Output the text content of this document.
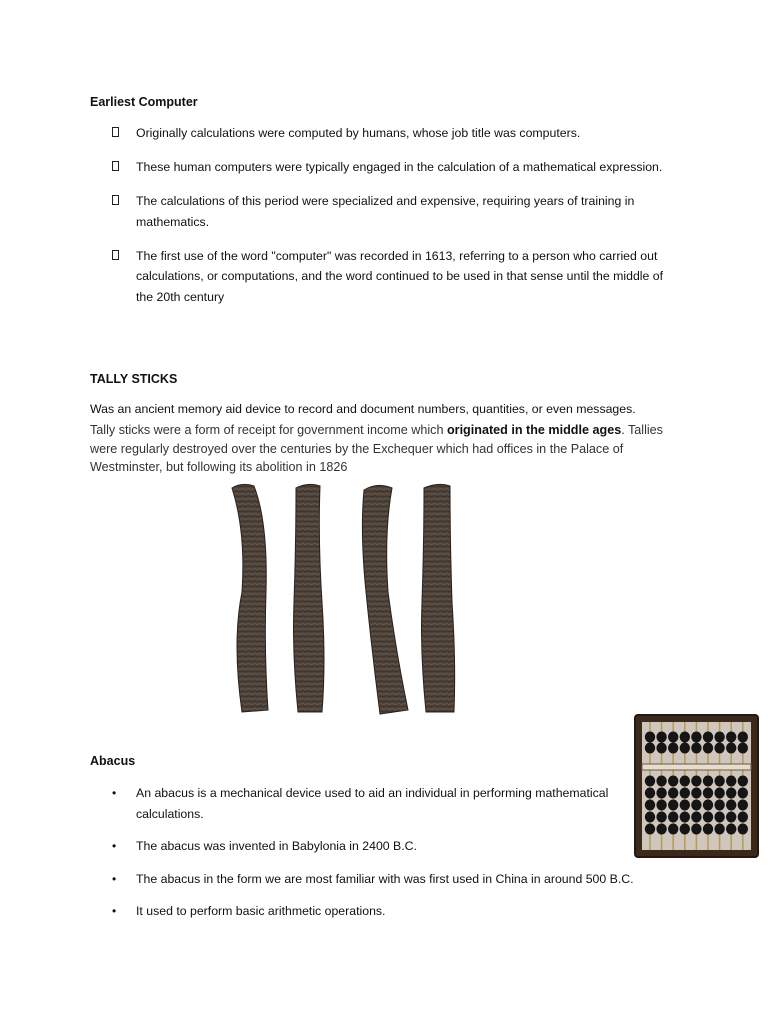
Earliest Computer
Originally calculations were computed by humans, whose job title was computers.
These human computers were typically engaged in the calculation of a mathematical expression.
The calculations of this period were specialized and expensive, requiring years of training in mathematics.
The first use of the word "computer" was recorded in 1613, referring to a person who carried out calculations, or computations, and the word continued to be used in that sense until the middle of the 20th century
TALLY STICKS

Was an ancient memory aid device to record and document numbers, quantities, or even messages.

Tally sticks were a form of receipt for government income which originated in the middle ages. Tallies were regularly destroyed over the centuries by the Exchequer which had offices in the Palace of Westminster, but following its abolition in 1826

Abacus
• An abacus is a mechanical device used to aid an individual in performing mathematical calculations.
• The abacus was invented in Babylonia in 2400 B.C.
• The abacus in the form we are most familiar with was first used in China in around 500 B.C.
• It used to perform basic arithmetic operations.
